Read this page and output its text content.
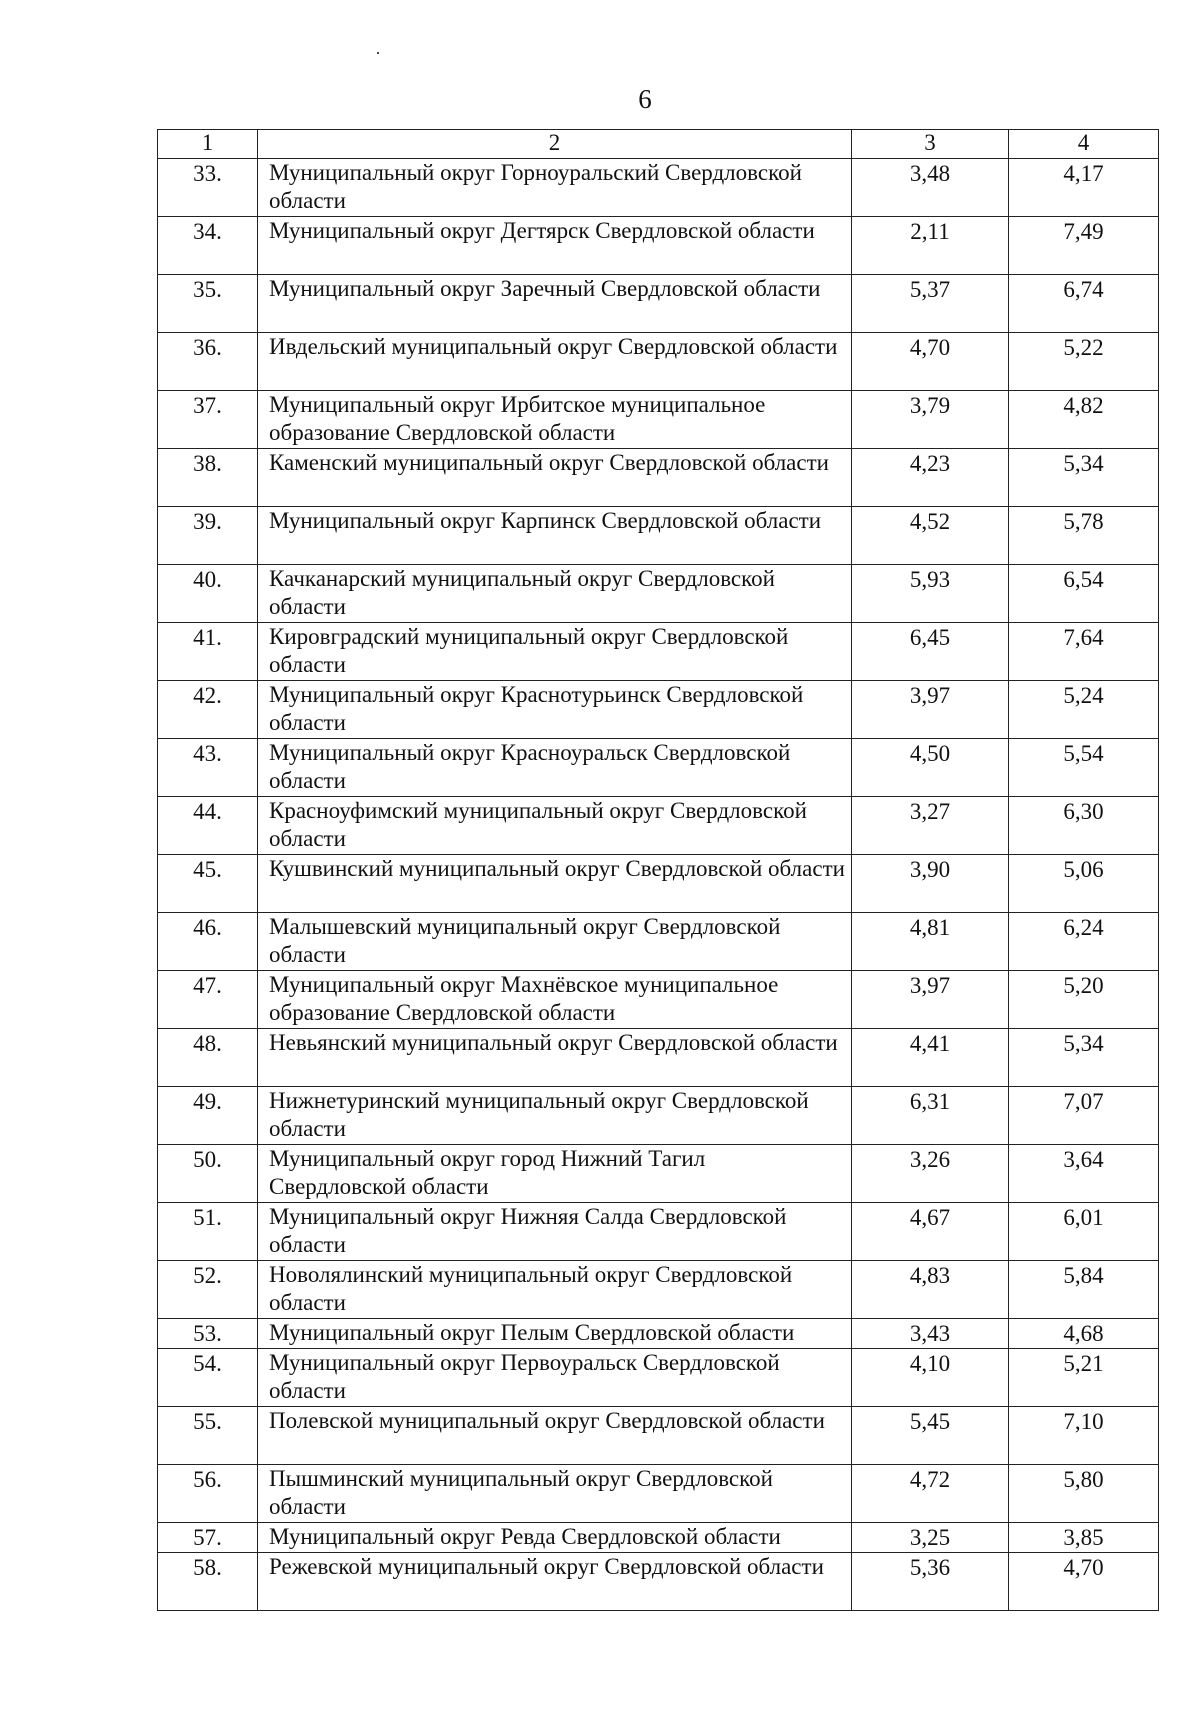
6
1	2	3	4
33.	Муниципальный округ Горноуральский Свердловской области	3,48	4,17
34.	Муниципальный округ Дегтярск Свердловской области	2,11	7,49
35.	Муниципальный округ Заречный Свердловской области	5,37	6,74
36.	Ивдельский муниципальный округ Свердловской области	4,70	5,22
37.	Муниципальный округ Ирбитское муниципальное образование Свердловской области	3,79	4,82
38.	Каменский муниципальный округ Свердловской области	4,23	5,34
39.	Муниципальный округ Карпинск Свердловской области	4,52	5,78
40.	Качканарский муниципальный округ Свердловской области	5,93	6,54
41.	Кировградский муниципальный округ Свердловской области	6,45	7,64
42.	Муниципальный округ Краснотурьинск Свердловской области	3,97	5,24
43.	Муниципальный округ Красноуральск Свердловской области	4,50	5,54
44.	Красноуфимский муниципальный округ Свердловской области	3,27	6,30
45.	Кушвинский муниципальный округ Свердловской области	3,90	5,06
46.	Малышевский муниципальный округ Свердловской области	4,81	6,24
47.	Муниципальный округ Махнёвское муниципальное образование Свердловской области	3,97	5,20
48.	Невьянский муниципальный округ Свердловской области	4,41	5,34
49.	Нижнетуринский муниципальный округ Свердловской области	6,31	7,07
50.	Муниципальный округ город Нижний Тагил Свердловской области	3,26	3,64
51.	Муниципальный округ Нижняя Салда Свердловской области	4,67	6,01
52.	Новолялинский муниципальный округ Свердловской области	4,83	5,84
53.	Муниципальный округ Пелым Свердловской области	3,43	4,68
54.	Муниципальный округ Первоуральск Свердловской области	4,10	5,21
55.	Полевской муниципальный округ Свердловской области	5,45	7,10
56.	Пышминский муниципальный округ Свердловской области	4,72	5,80
57.	Муниципальный округ Ревда Свердловской области	3,25	3,85
58.	Режевской муниципальный округ Свердловской области	5,36	4,70
